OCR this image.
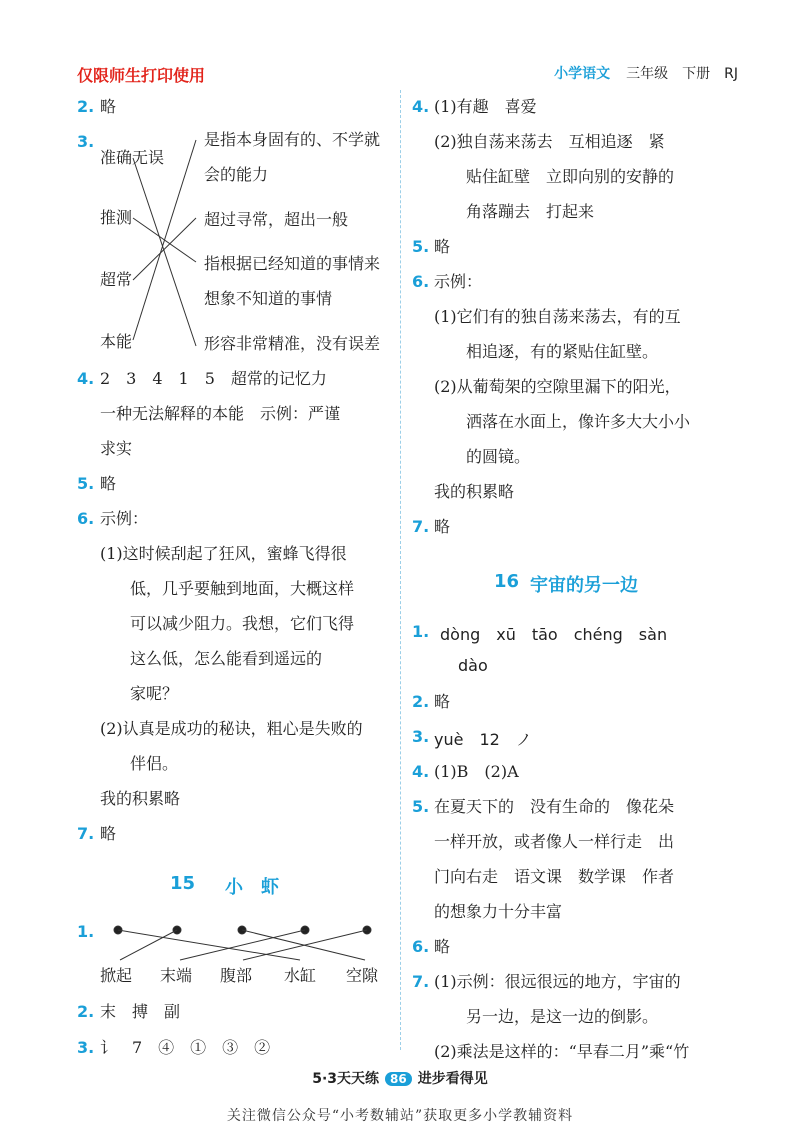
仅限师生打印使用	小学语文 三年级 下册 RJ
2. 略
3.
准确无误
推测
超常
本能
是指本身固有的、不学就
会的能力
超过寻常，超出一般
指根据已经知道的事情来
想象不知道的事情
形容非常精准，没有误差
4. 2　3　4　1　5　超常的记忆力
一种无法解释的本能　示例：严谨
求实
5. 略
6. 示例：
(1)这时候刮起了狂风，蜜蜂飞得很
低，几乎要触到地面，大概这样
可以减少阻力。我想，它们飞得
这么低，怎么能看到遥远的
家呢？
(2)认真是成功的秘诀，粗心是失败的
伴侣。
我的积累略
7. 略
15 小　虾
1.
掀起 末端 腹部 水缸 空隙
2. 末　搏　副
3. 讠　7　④　①　③　②
4. (1)有趣　喜爱
(2)独自荡来荡去　互相追逐　紧
贴住缸壁　立即向别的安静的
角落蹦去　打起来
5. 略
6. 示例：
(1)它们有的独自荡来荡去，有的互
相追逐，有的紧贴住缸壁。
(2)从葡萄架的空隙里漏下的阳光，
洒落在水面上，像许多大大小小
的圆镜。
我的积累略
7. 略
16 宇宙的另一边
1. dòng　xū　tāo　chéng　sàn
dào
2. 略
3. yuè　12　ノ
4. (1)B　(2)A
5. 在夏天下的　没有生命的　像花朵
一样开放，或者像人一样行走　出
门向右走　语文课　数学课　作者
的想象力十分丰富
6. 略
7. (1)示例：很远很远的地方，宇宙的
另一边，是这一边的倒影。
(2)乘法是这样的：“早春二月”乘“竹
5·3天天练 86 进步看得见
关注微信公众号“小考数辅站”获取更多小学教辅资料
